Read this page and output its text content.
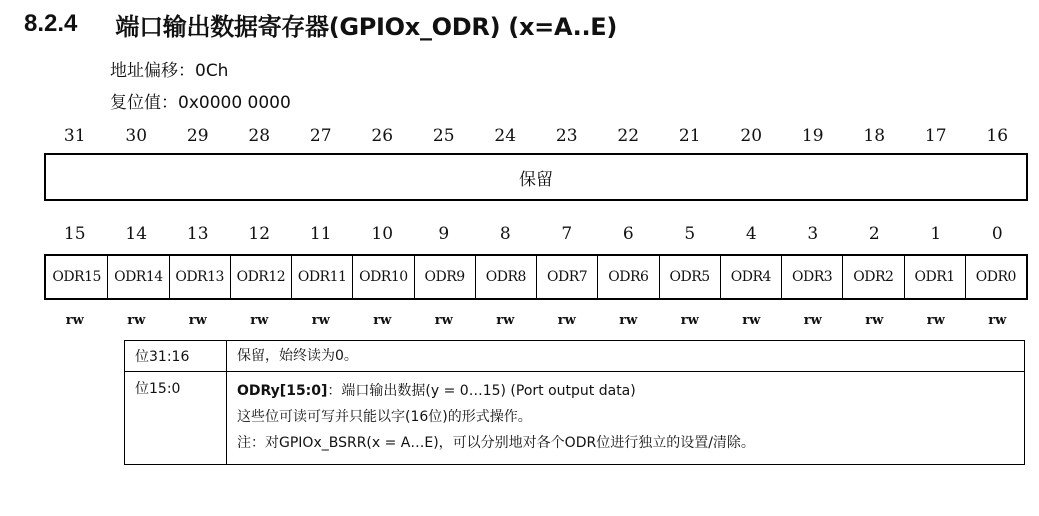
8.2.4 端口输出数据寄存器(GPIOx_ODR) (x=A..E)
地址偏移：0Ch
复位值：0x0000 0000
31	30	29	28	27	26	25	24	23	22	21	20	19	18	17	16
保留
15	14	13	12	11	10	9	8	7	6	5	4	3	2	1	0
ODR15 ODR14 ODR13 ODR12 ODR11 ODR10	ODR9	ODR8	ODR7	ODR6	ODR5	ODR4	ODR3	ODR2	ODR1	ODR0
rw	rw	rw	rw	rw	rw	rw	rw	rw	rw	rw	rw	rw	rw	rw	rw
位31:16	保留，始终读为0。

位15:0	ODRy[15:0]：端口输出数据(y = 0…15) (Port output data)
这些位可读可写并只能以字(16位)的形式操作。
注：对GPIOx_BSRR(x = A…E)，可以分别地对各个ODR位进行独立的设置/清除。
